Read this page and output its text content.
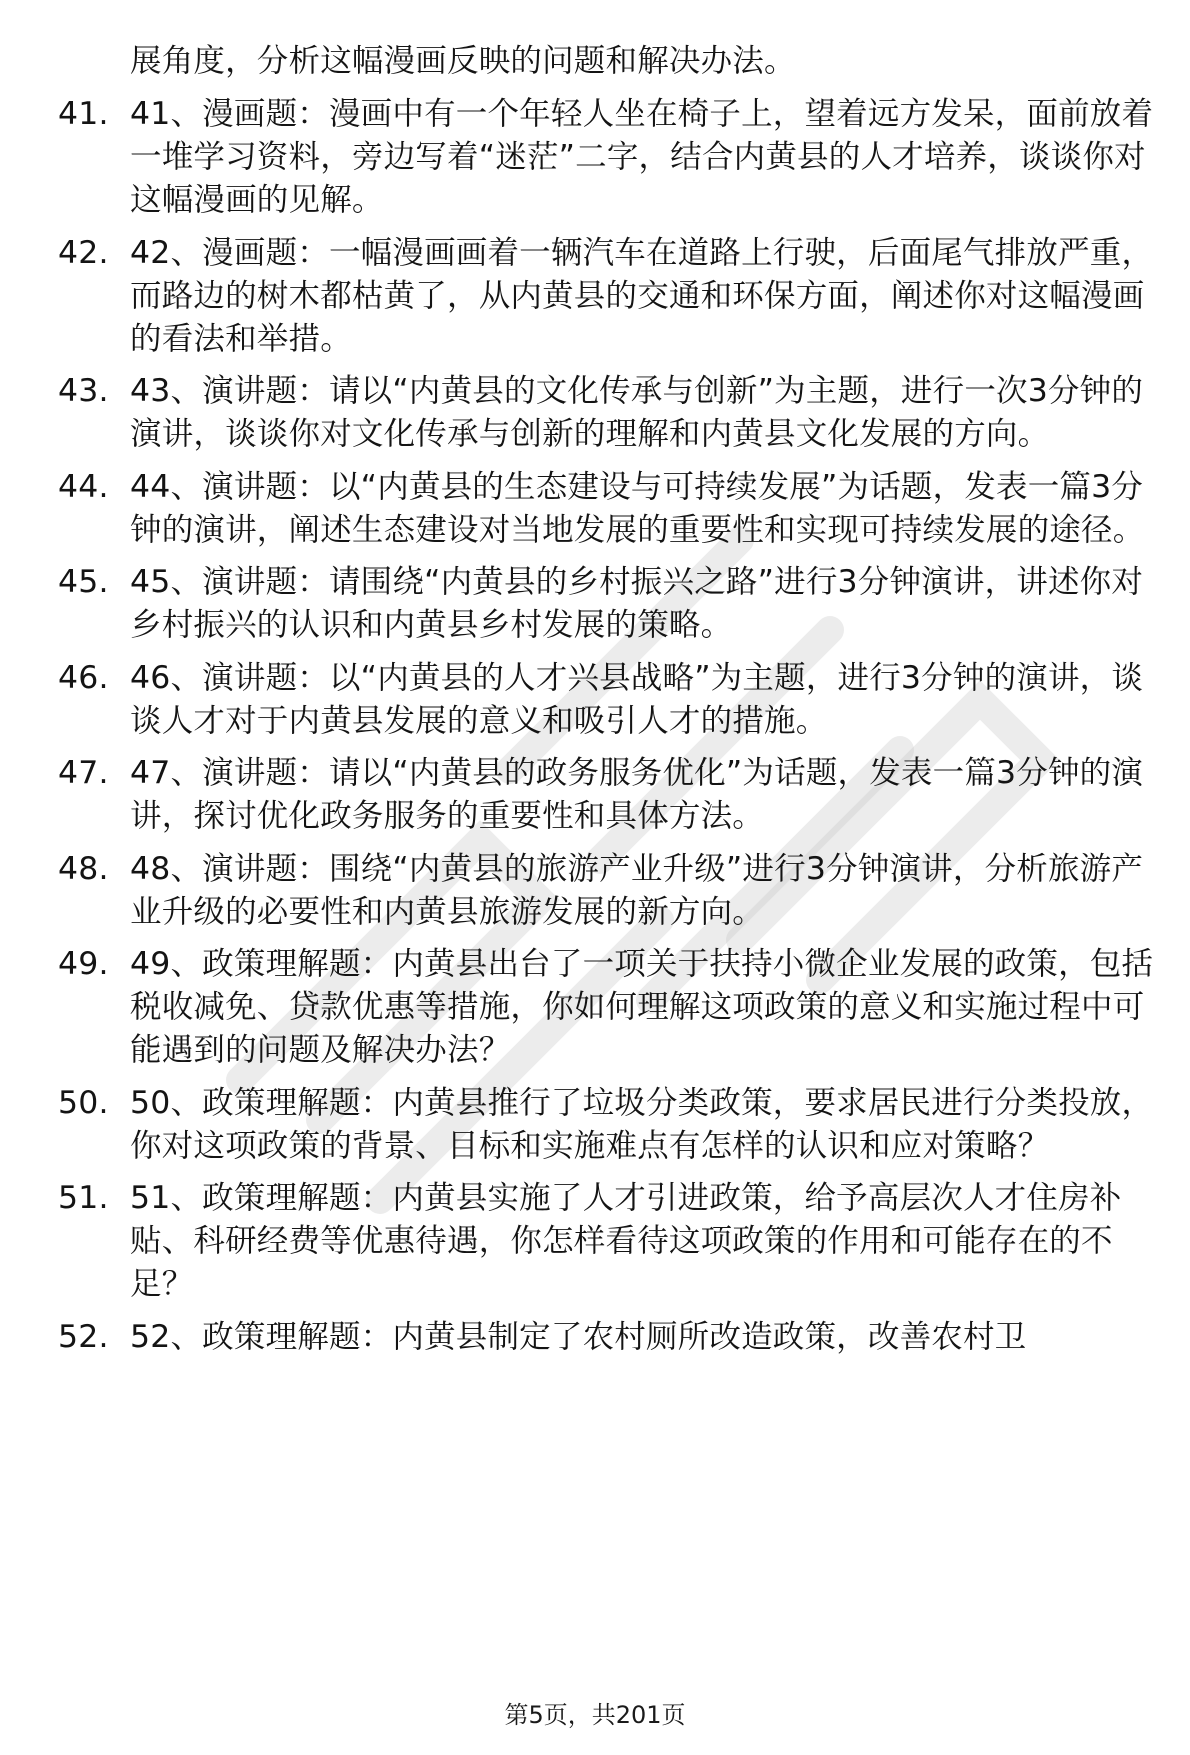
展角度，分析这幅漫画反映的问题和解决办法。
41. 41、漫画题：漫画中有一个年轻人坐在椅子上，望着远方发呆，面前放着一堆学习资料，旁边写着“迷茫”二字，结合内黄县的人才培养，谈谈你对这幅漫画的见解。
42. 42、漫画题：一幅漫画画着一辆汽车在道路上行驶，后面尾气排放严重，而路边的树木都枯黄了，从内黄县的交通和环保方面，阐述你对这幅漫画的看法和举措。
43. 43、演讲题：请以“内黄县的文化传承与创新”为主题，进行一次3分钟的演讲，谈谈你对文化传承与创新的理解和内黄县文化发展的方向。
44. 44、演讲题：以“内黄县的生态建设与可持续发展”为话题，发表一篇3分钟的演讲，阐述生态建设对当地发展的重要性和实现可持续发展的途径。
45. 45、演讲题：请围绕“内黄县的乡村振兴之路”进行3分钟演讲，讲述你对乡村振兴的认识和内黄县乡村发展的策略。
46. 46、演讲题：以“内黄县的人才兴县战略”为主题，进行3分钟的演讲，谈谈人才对于内黄县发展的意义和吸引人才的措施。
47. 47、演讲题：请以“内黄县的政务服务优化”为话题，发表一篇3分钟的演讲，探讨优化政务服务的重要性和具体方法。
48. 48、演讲题：围绕“内黄县的旅游产业升级”进行3分钟演讲，分析旅游产业升级的必要性和内黄县旅游发展的新方向。
49. 49、政策理解题：内黄县出台了一项关于扶持小微企业发展的政策，包括税收减免、贷款优惠等措施，你如何理解这项政策的意义和实施过程中可能遇到的问题及解决办法？
50. 50、政策理解题：内黄县推行了垃圾分类政策，要求居民进行分类投放，你对这项政策的背景、目标和实施难点有怎样的认识和应对策略？
51. 51、政策理解题：内黄县实施了人才引进政策，给予高层次人才住房补贴、科研经费等优惠待遇，你怎样看待这项政策的作用和可能存在的不足？
52. 52、政策理解题：内黄县制定了农村厕所改造政策，改善农村卫
第5页，共201页
